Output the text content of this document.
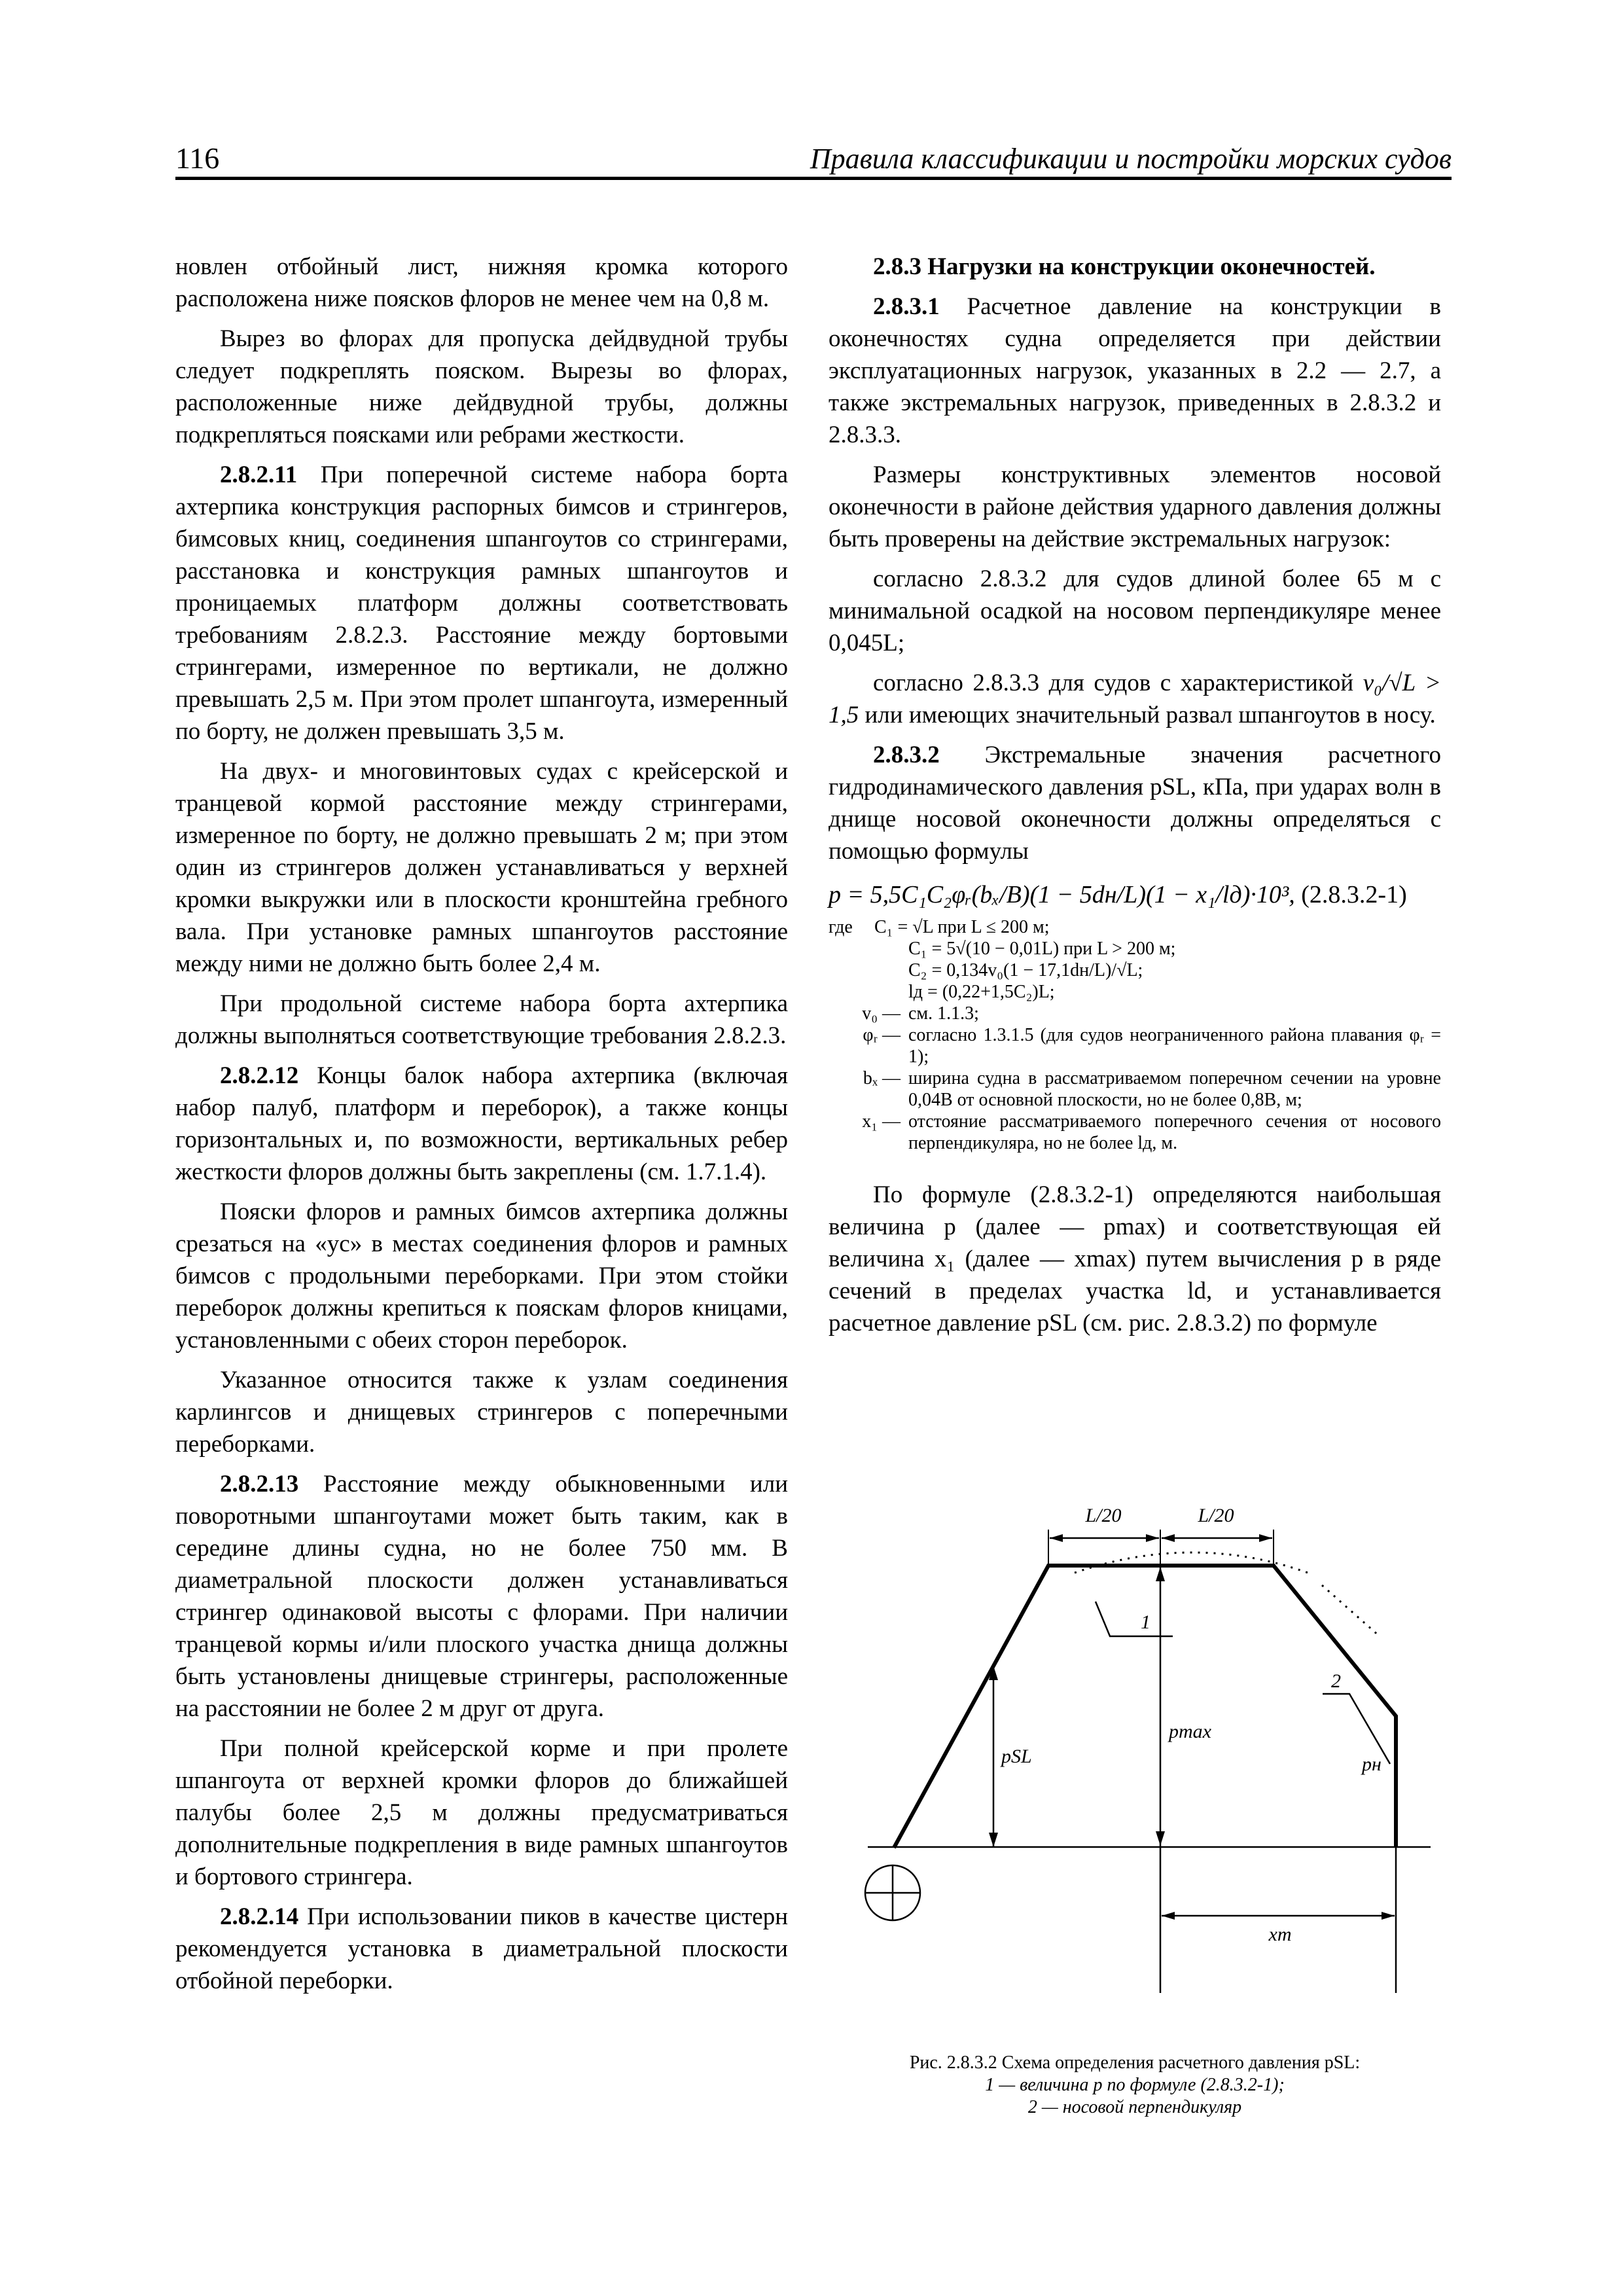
116	Правила классификации и постройки морских судов

новлен отбойный лист, нижняя кромка которого расположена ниже поясков флоров не менее чем на 0,8 м.

Вырез во флорах для пропуска дейдвудной трубы следует подкреплять пояском. Вырезы во флорах, расположенные ниже дейдвудной трубы, должны подкрепляться поясками или ребрами жесткости.

2.8.2.11 При поперечной системе набора борта ахтерпика конструкция распорных бимсов и стрингеров, бимсовых книц, соединения шпангоутов со стрингерами, расстановка и конструкция рамных шпангоутов и проницаемых платформ должны соответствовать требованиям 2.8.2.3. Расстояние между бортовыми стрингерами, измеренное по вертикали, не должно превышать 2,5 м. При этом пролет шпангоута, измеренный по борту, не должен превышать 3,5 м.

На двух- и многовинтовых судах с крейсерской и транцевой кормой расстояние между стрингерами, измеренное по борту, не должно превышать 2 м; при этом один из стрингеров должен устанавливаться у верхней кромки выкружки или в плоскости кронштейна гребного вала. При установке рамных шпангоутов расстояние между ними не должно быть более 2,4 м.

При продольной системе набора борта ахтерпика должны выполняться соответствующие требования 2.8.2.3.

2.8.2.12 Концы балок набора ахтерпика (включая набор палуб, платформ и переборок), а также концы горизонтальных и, по возможности, вертикальных ребер жесткости флоров должны быть закреплены (см. 1.7.1.4).

Пояски флоров и рамных бимсов ахтерпика должны срезаться на «ус» в местах соединения флоров и рамных бимсов с продольными переборками. При этом стойки переборок должны крепиться к пояскам флоров кницами, установленными с обеих сторон переборок.

Указанное относится также к узлам соединения карлингсов и днищевых стрингеров с поперечными переборками.

2.8.2.13 Расстояние между обыкновенными или поворотными шпангоутами может быть таким, как в середине длины судна, но не более 750 мм. В диаметральной плоскости должен устанавливаться стрингер одинаковой высоты с флорами. При наличии транцевой кормы и/или плоского участка днища должны быть установлены днищевые стрингеры, расположенные на расстоянии не более 2 м друг от друга.

При полной крейсерской корме и при пролете шпангоута от верхней кромки флоров до ближайшей палубы более 2,5 м должны предусматриваться дополнительные подкрепления в виде рамных шпангоутов и бортового стрингера.

2.8.2.14 При использовании пиков в качестве цистерн рекомендуется установка в диаметральной плоскости отбойной переборки.

2.8.3 Нагрузки на конструкции оконечностей.

2.8.3.1 Расчетное давление на конструкции в оконечностях судна определяется при действии эксплуатационных нагрузок, указанных в 2.2 — 2.7, а также экстремальных нагрузок, приведенных в 2.8.3.2 и 2.8.3.3.

Размеры конструктивных элементов носовой оконечности в районе действия ударного давления должны быть проверены на действие экстремальных нагрузок:

согласно 2.8.3.2 для судов длиной более 65 м с минимальной осадкой на носовом перпендикуляре менее 0,045L;

согласно 2.8.3.3 для судов с характеристикой v₀/√L > 1,5 или имеющих значительный развал шпангоутов в носу.

2.8.3.2 Экстремальные значения расчетного гидродинамического давления pSL, кПа, при ударах волн в днище носовой оконечности должны определяться с помощью формулы

p = 5,5C₁C₂φᵣ(bₓ/B)(1 − 5dн/L)(1 − x₁/lд)·10³, (2.8.3.2-1)

где	C₁ = √L при L ≤ 200 м;
C₁ = 5√(10 − 0,01L) при L > 200 м;
C₂ = 0,134v₀(1 − 17,1dн/L)/√L;
lд = (0,22+1,5C₂)L;
v₀ — см. 1.1.3;
φᵣ — согласно 1.3.1.5 (для судов неограниченного района плавания φᵣ = 1);
bₓ — ширина судна в рассматриваемом поперечном сечении на уровне 0,04B от основной плоскости, но не более 0,8B, м;
x₁ — отстояние рассматриваемого поперечного сечения от носового перпендикуляра, но не более lд, м.

По формуле (2.8.3.2-1) определяются наибольшая величина p (далее — pmax) и соответствующая ей величина x₁ (далее — xmax) путем вычисления p в ряде сечений в пределах участка ld, и устанавливается расчетное давление pSL (см. рис. 2.8.3.2) по формуле

L/20	L/20
pSL
pmax
pн
xm
1
2
Рис. 2.8.3.2 Схема определения расчетного давления pSL:
1 — величина p по формуле (2.8.3.2-1);
2 — носовой перпендикуляр
